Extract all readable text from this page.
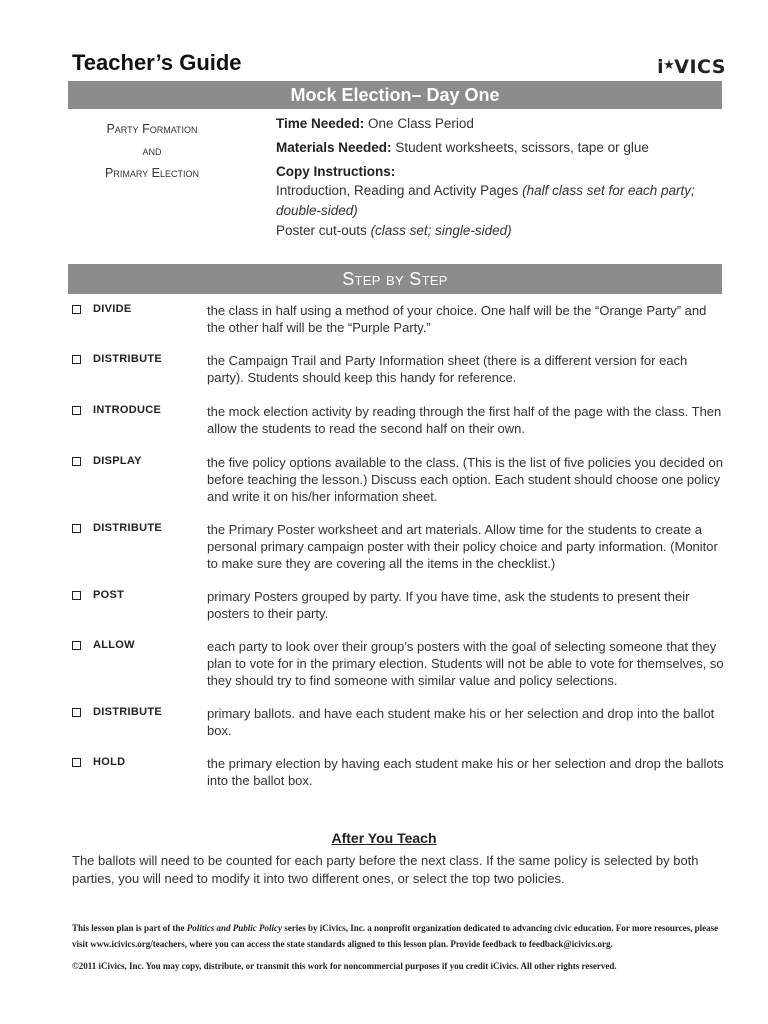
Teacher’s Guide	i★VICS
Mock Election– Day One
Party Formation
and
Primary Election
Time Needed: One Class Period
Materials Needed: Student worksheets, scissors, tape or glue
Copy Instructions:
Introduction, Reading and Activity Pages (half class set for each party; double-sided)
Poster cut-outs (class set; single-sided)
Step by Step
DIVIDE	the class in half using a method of your choice. One half will be the “Orange Party” and the other half will be the “Purple Party.”
DISTRIBUTE	the Campaign Trail and Party Information sheet (there is a different version for each party). Students should keep this handy for reference.
INTRODUCE	the mock election activity by reading through the first half of the page with the class. Then allow the students to read the second half on their own.
DISPLAY	the five policy options available to the class. (This is the list of five policies you decided on before teaching the lesson.) Discuss each option. Each student should choose one policy and write it on his/her information sheet.
DISTRIBUTE	the Primary Poster worksheet and art materials. Allow time for the students to create a personal primary campaign poster with their policy choice and party information. (Monitor to make sure they are covering all the items in the checklist.)
POST	primary Posters grouped by party. If you have time, ask the students to present their posters to their party.
ALLOW	each party to look over their group’s posters with the goal of selecting someone that they plan to vote for in the primary election. Students will not be able to vote for themselves, so they should try to find someone with similar value and policy selections.
DISTRIBUTE	primary ballots. and have each student make his or her selection and drop into the ballot box.
HOLD	the primary election by having each student make his or her selection and drop the ballots into the ballot box.
After You Teach
The ballots will need to be counted for each party before the next class. If the same policy is selected by both parties, you will need to modify it into two different ones, or select the top two policies.
This lesson plan is part of the Politics and Public Policy series by iCivics, Inc. a nonprofit organization dedicated to advancing civic education. For more resources, please visit www.icivics.org/teachers, where you can access the state standards aligned to this lesson plan. Provide feedback to feedback@icivics.org.
©2011 iCivics, Inc. You may copy, distribute, or transmit this work for noncommercial purposes if you credit iCivics. All other rights reserved.
